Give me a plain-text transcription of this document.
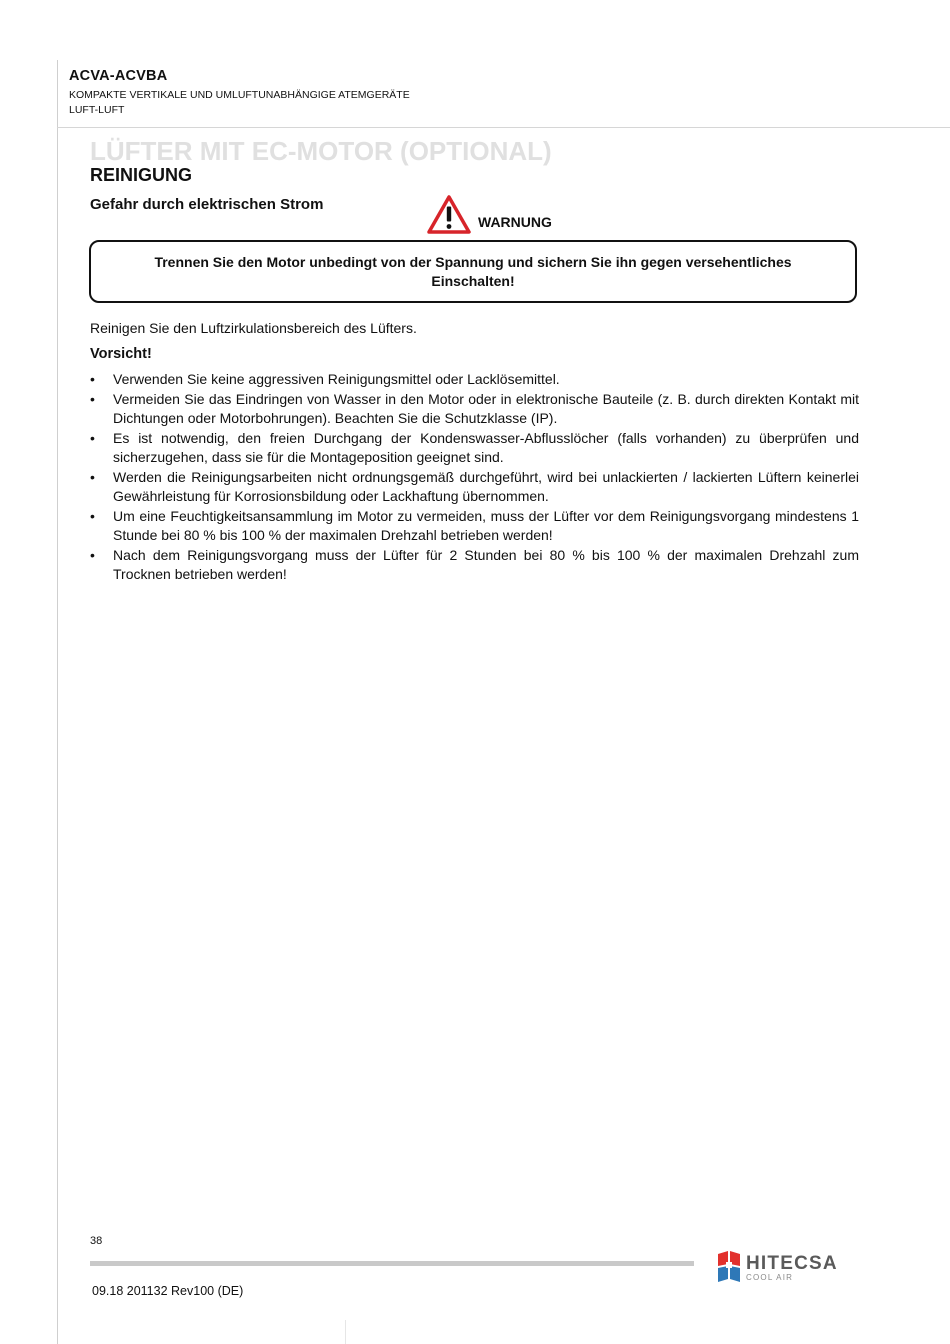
ACVA-ACVBA
KOMPAKTE VERTIKALE UND UMLUFTUNABHÄNGIGE ATEMGERÄTE
LUFT-LUFT
LÜFTER MIT EC-MOTOR (OPTIONAL)
REINIGUNG
Gefahr durch elektrischen Strom
WARNUNG
Trennen Sie den Motor unbedingt von der Spannung und sichern Sie ihn gegen versehentliches Einschalten!
Reinigen Sie den Luftzirkulationsbereich des Lüfters.
Vorsicht!
•	Verwenden Sie keine aggressiven Reinigungsmittel oder Lacklösemittel.
•	Vermeiden Sie das Eindringen von Wasser in den Motor oder in elektronische Bauteile (z. B. durch direkten Kontakt mit Dichtungen oder Motorbohrungen). Beachten Sie die Schutzklasse (IP).
•	Es ist notwendig, den freien Durchgang der Kondenswasser-Abflusslöcher (falls vorhanden) zu überprüfen und sicherzugehen, dass sie für die Montageposition geeignet sind.
•	Werden die Reinigungsarbeiten nicht ordnungsgemäß durchgeführt, wird bei unlackierten / lackierten Lüftern keinerlei Gewährleistung für Korrosionsbildung oder Lackhaftung übernommen.
•	Um eine Feuchtigkeitsansammlung im Motor zu vermeiden, muss der Lüfter vor dem Reinigungsvorgang mindestens 1 Stunde bei 80 % bis 100 % der maximalen Drehzahl betrieben werden!
•	Nach dem Reinigungsvorgang muss der Lüfter für 2 Stunden bei 80 % bis 100 % der maximalen Drehzahl zum Trocknen betrieben werden!
38
09.18 201132 Rev100 (DE)
HITECSA
COOL AIR
